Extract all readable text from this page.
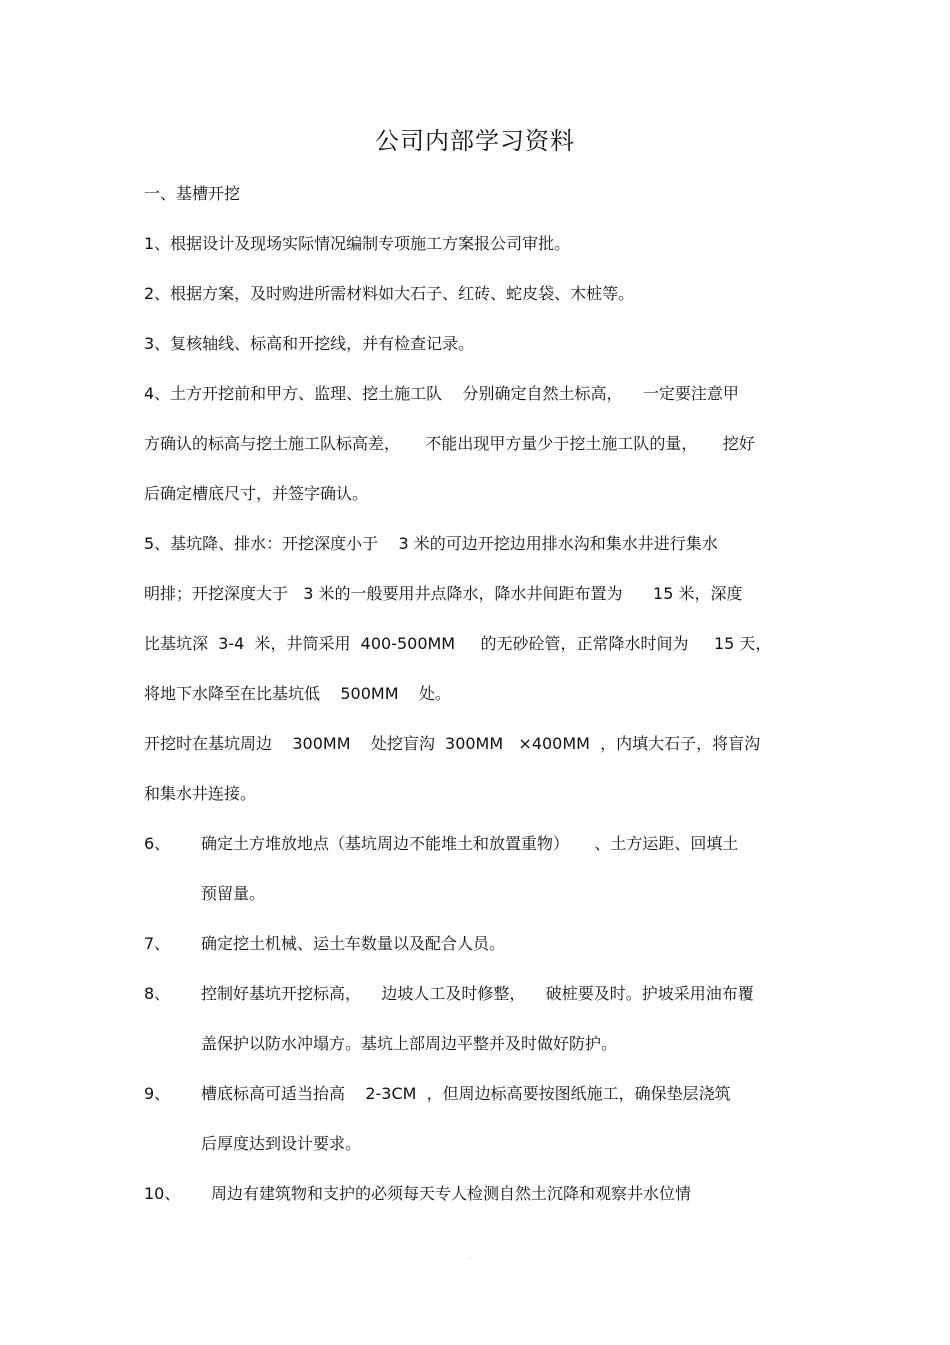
·
公司内部学习资料
一、基槽开挖
1、根据设计及现场实际情况编制专项施工方案报公司审批。
2、根据方案，及时购进所需材料如大石子、红砖、蛇皮袋、木桩等。
3、复核轴线、标高和开挖线，并有检查记录。
4、土方开挖前和甲方、监理、挖土施工队    分别确定自然土标高，    一定要注意甲
方确认的标高与挖土施工队标高差，     不能出现甲方量少于挖土施工队的量，     挖好
后确定槽底尺寸，并签字确认。
5、基坑降、排水：开挖深度小于    3 米的可边开挖边用排水沟和集水井进行集水
明排；开挖深度大于   3 米的一般要用井点降水，降水井间距布置为      15 米，深度
比基坑深  3-4  米，井筒采用  400-500MM     的无砂砼管，正常降水时间为     15 天，
将地下水降至在比基坑低    500MM    处。
开挖时在基坑周边    300MM    处挖盲沟  300MM   ×400MM  ，内填大石子，将盲沟
和集水井连接。
6、 确定土方堆放地点（基坑周边不能堆土和放置重物）     、土方运距、回填土
预留量。
7、 确定挖土机械、运土车数量以及配合人员。
8、 控制好基坑开挖标高，    边坡人工及时修整，    破桩要及时。护坡采用油布覆
盖保护以防水冲塌方。基坑上部周边平整并及时做好防护。
9、 槽底标高可适当抬高    2-3CM  ，但周边标高要按图纸施工，确保垫层浇筑
后厚度达到设计要求。
10、 周边有建筑物和支护的必须每天专人检测自然土沉降和观察井水位情
··
